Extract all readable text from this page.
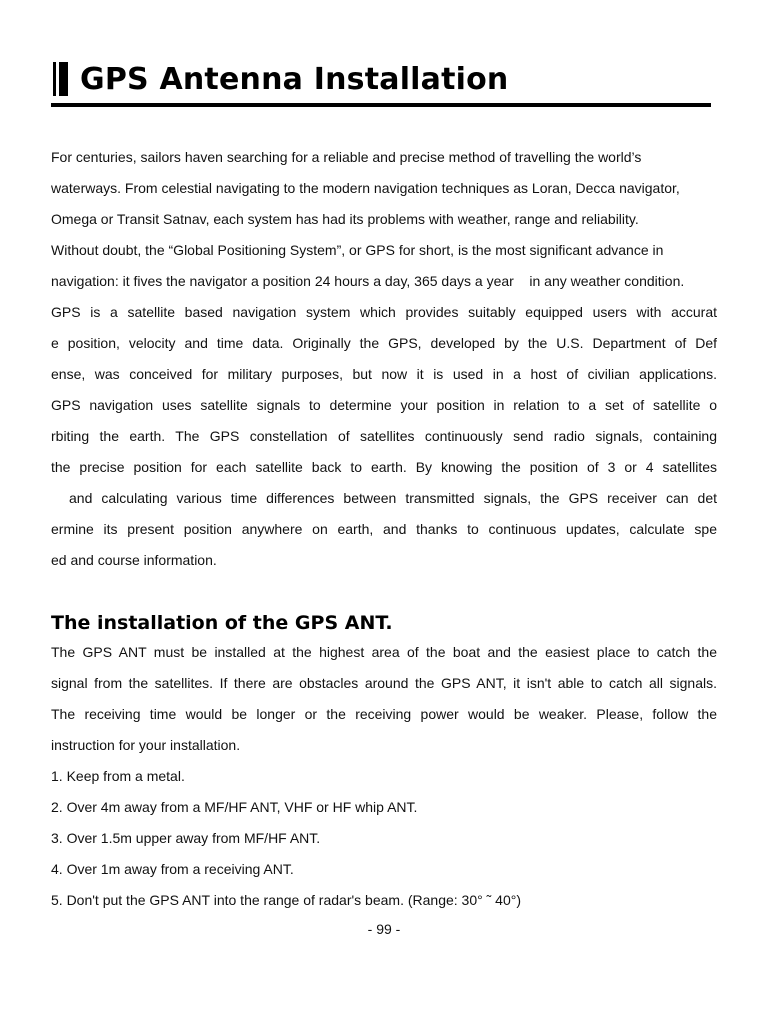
GPS Antenna Installation
For centuries, sailors haven searching for a reliable and precise method of travelling the world’s
waterways. From celestial navigating to the modern navigation techniques as Loran, Decca navigator,
Omega or Transit Satnav, each system has had its problems with weather, range and reliability.
Without doubt, the “Global Positioning System”, or GPS for short, is the most significant advance in
navigation: it fives the navigator a position 24 hours a day, 365 days a year    in any weather condition.
GPS is a satellite based navigation system which provides suitably equipped users with accurat
e position, velocity and time data. Originally the GPS, developed by the U.S. Department of Def
ense, was conceived for military purposes, but now it is used in a host of civilian applications.
GPS navigation uses satellite signals to determine your position in relation to a set of satellite o
rbiting the earth. The GPS constellation of satellites continuously send radio signals, containing
the precise position for each satellite back to earth. By knowing the position of 3 or 4 satellites
and calculating various time differences between transmitted signals, the GPS receiver can det
ermine its present position anywhere on earth, and thanks to continuous updates, calculate spe
ed and course information.
The installation of the GPS ANT.
The GPS ANT must be installed at the highest area of the boat and the easiest place to catch the
signal from the satellites. If there are obstacles around the GPS ANT, it isn't able to catch all signals.
The receiving time would be longer or the receiving power would be weaker. Please, follow the
instruction for your installation.
1. Keep from a metal.
2. Over 4m away from a MF/HF ANT, VHF or HF whip ANT.
3. Over 1.5m upper away from MF/HF ANT.
4. Over 1m away from a receiving ANT.
5. Don't put the GPS ANT into the range of radar's beam. (Range: 30° ˜ 40°)
- 99 -
